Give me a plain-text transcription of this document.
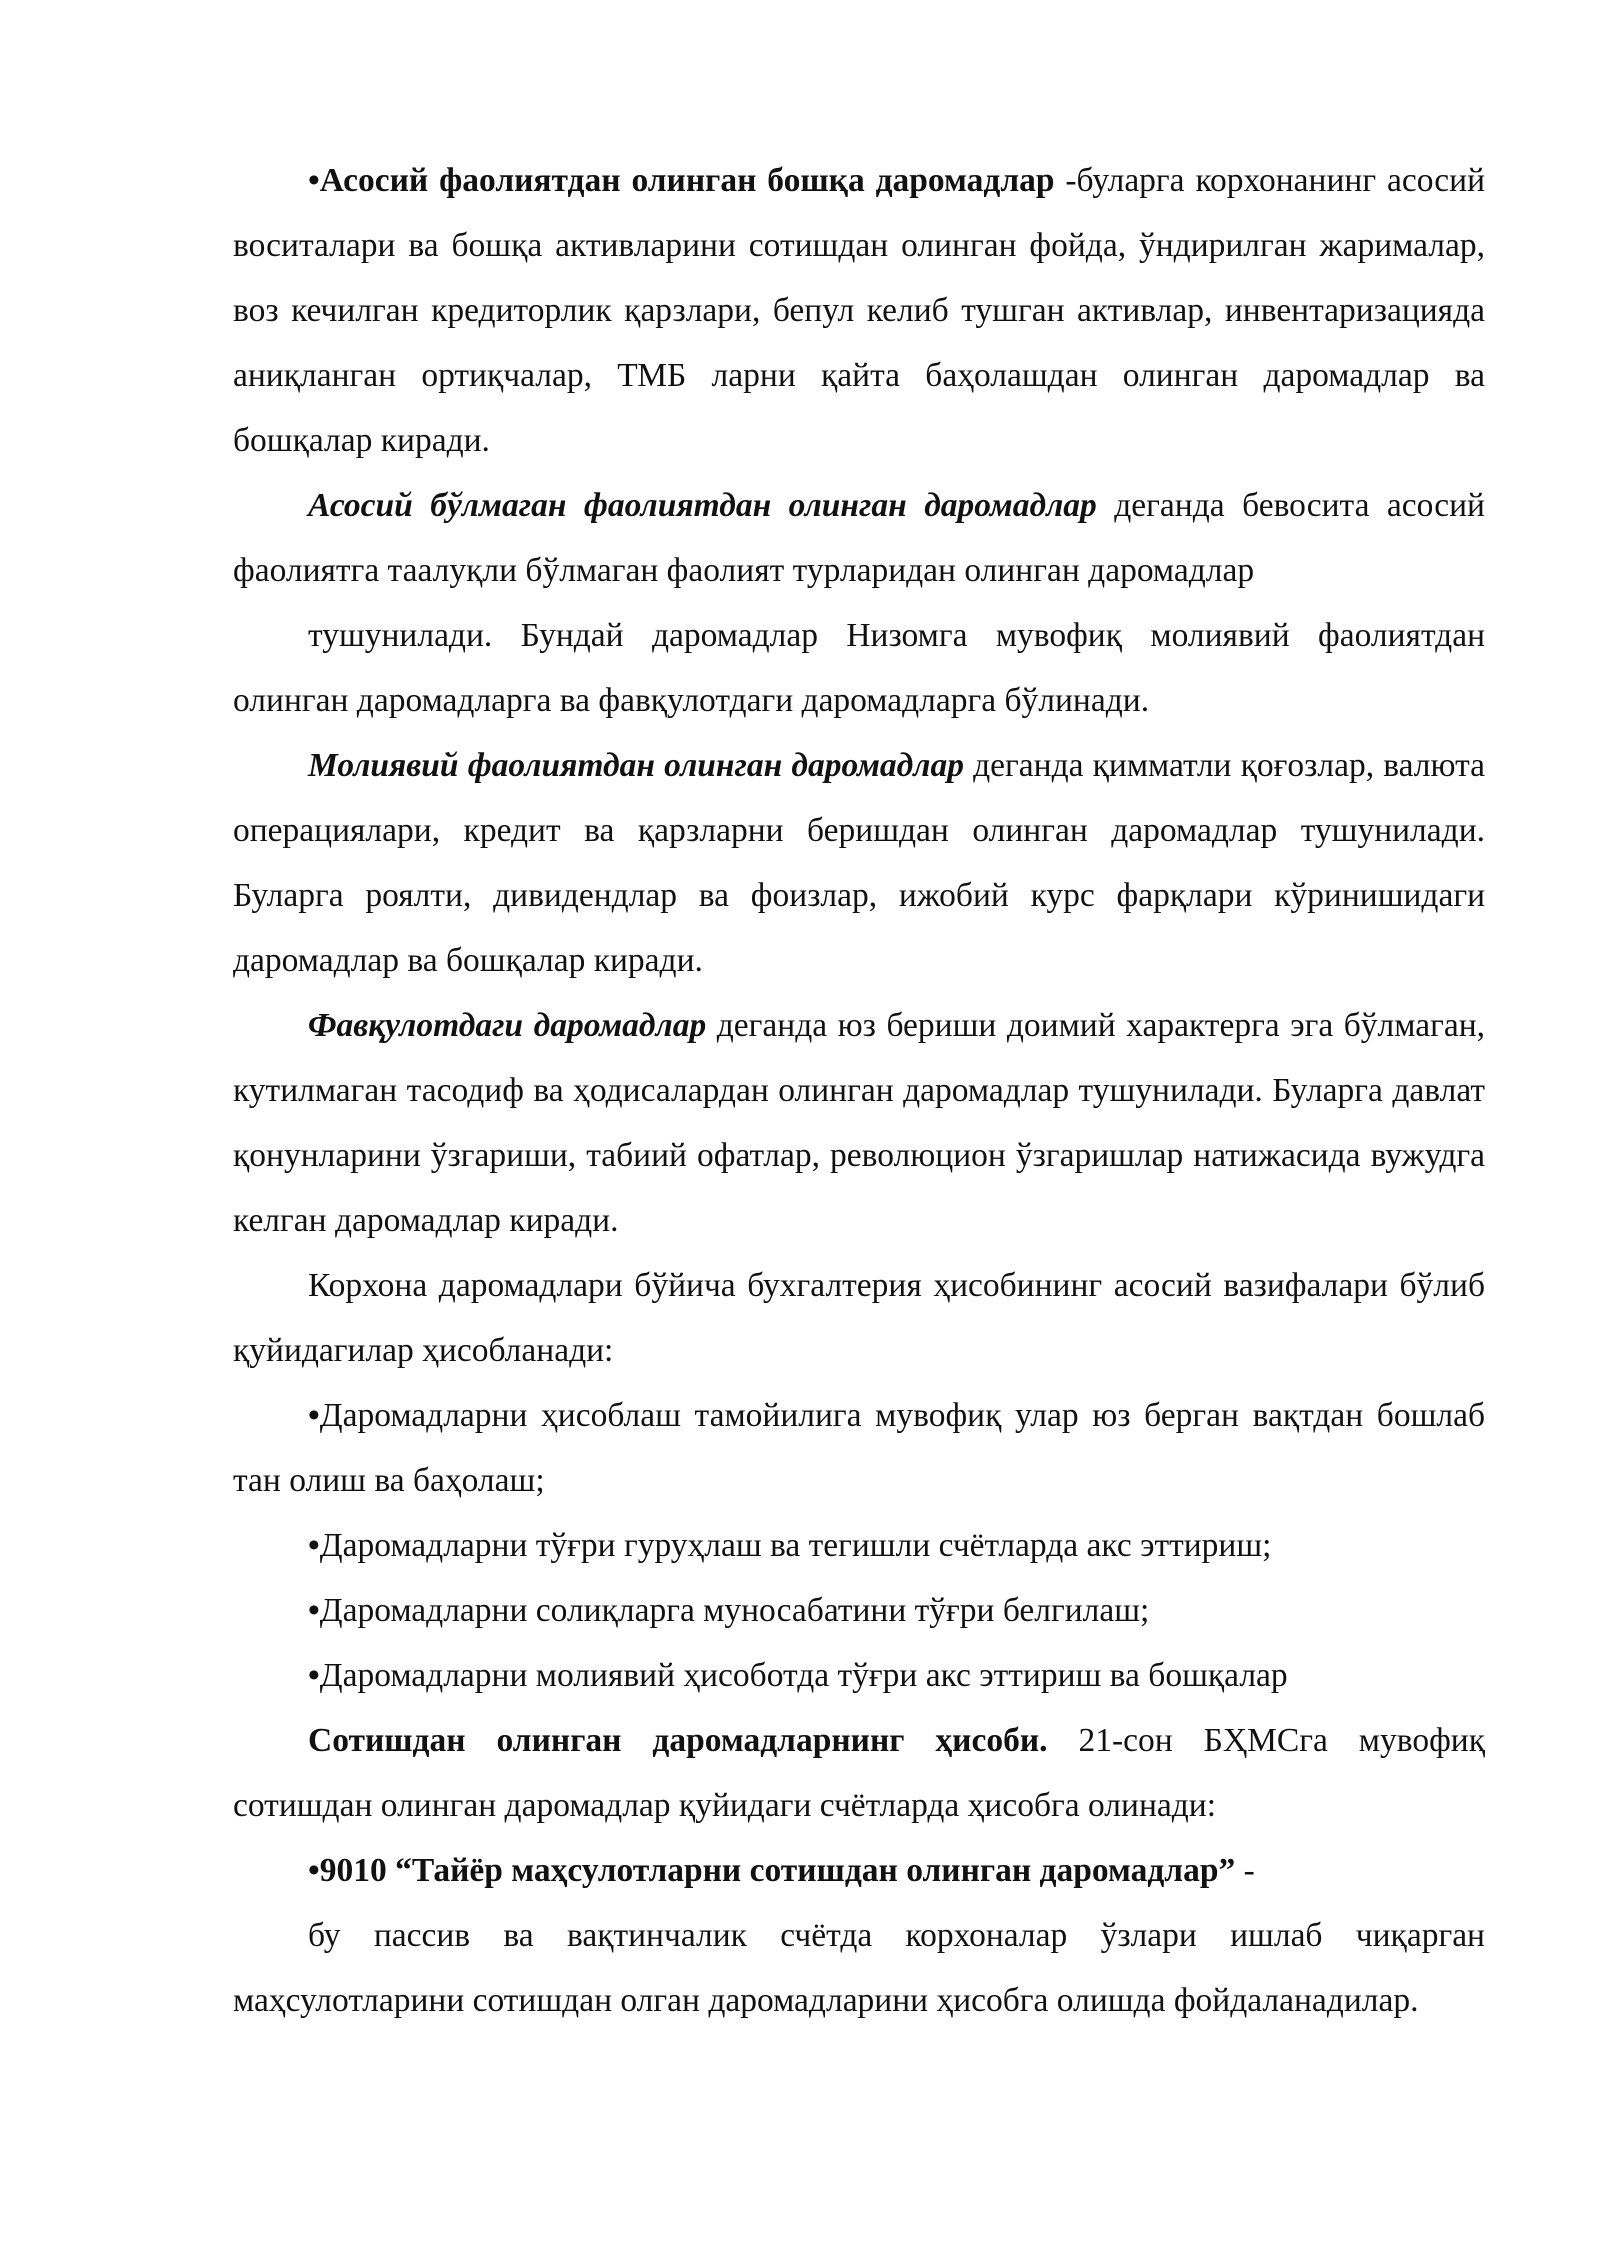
•Асосий фаолиятдан олинган бошқа даромадлар -буларга корхонанинг асосий воситалари ва бошқа активларини сотишдан олинган фойда, ўндирилган жарималар, воз кечилган кредиторлик қарзлари, бепул келиб тушган активлар, инвентаризацияда аниқланган ортиқчалар, ТМБ ларни қайта баҳолашдан олинган даромадлар ва бошқалар киради.

Асосий бўлмаган фаолиятдан олинган даромадлар деганда бевосита асосий фаолиятга таалуқли бўлмаган фаолият турларидан олинган даромадлар

тушунилади. Бундай даромадлар Низомга мувофиқ молиявий фаолиятдан олинган даромадларга ва фавқулотдаги даромадларга бўлинади.

Молиявий фаолиятдан олинган даромадлар деганда қимматли қоғозлар, валюта операциялари, кредит ва қарзларни беришдан олинган даромадлар тушунилади. Буларга роялти, дивидендлар ва фоизлар, ижобий курс фарқлари кўринишидаги даромадлар ва бошқалар киради.

Фавқулотдаги даромадлар деганда юз бериши доимий характерга эга бўлмаган, кутилмаган тасодиф ва ҳодисалардан олинган даромадлар тушунилади. Буларга давлат қонунларини ўзгариши, табиий офатлар, революцион ўзгаришлар натижасида вужудга келган даромадлар киради.

Корхона даромадлари бўйича бухгалтерия ҳисобининг асосий вазифалари бўлиб қуйидагилар ҳисобланади:

•Даромадларни ҳисоблаш тамойилига мувофиқ улар юз берган вақтдан бошлаб тан олиш ва баҳолаш;

•Даромадларни тўғри гуруҳлаш ва тегишли счётларда акс эттириш;

•Даромадларни солиқларга муносабатини тўғри белгилаш;

•Даромадларни молиявий ҳисоботда тўғри акс эттириш ва бошқалар

Сотишдан олинган даромадларнинг ҳисоби. 21-сон БҲМСга мувофиқ сотишдан олинган даромадлар қуйидаги счётларда ҳисобга олинади:

•9010 “Тайёр маҳсулотларни сотишдан олинган даромадлар” -

бу пассив ва вақтинчалик счётда корхоналар ўзлари ишлаб чиқарган маҳсулотларини сотишдан олган даромадларини ҳисобга олишда фойдаланадилар.
